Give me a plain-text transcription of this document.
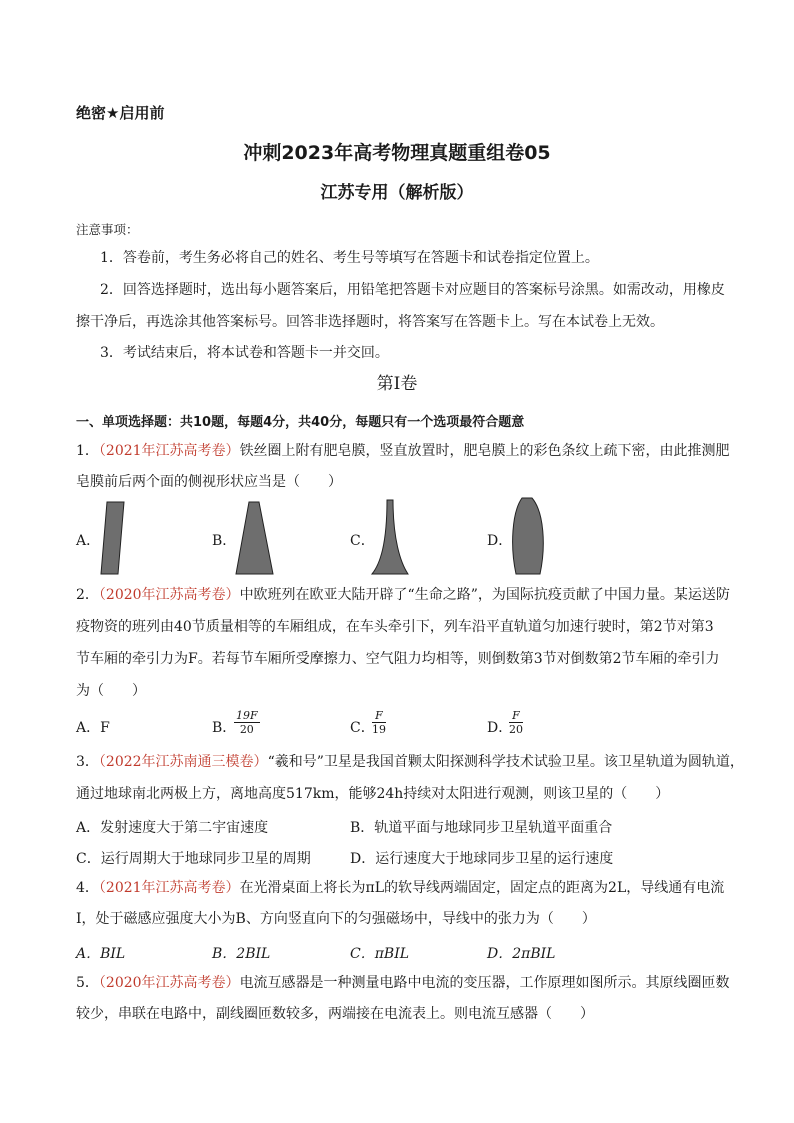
绝密★启用前
冲刺2023年高考物理真题重组卷05
江苏专用（解析版）
注意事项：
1．答卷前，考生务必将自己的姓名、考生号等填写在答题卡和试卷指定位置上。
2．回答选择题时，选出每小题答案后，用铅笔把答题卡对应题目的答案标号涂黑。如需改动，用橡皮
擦干净后，再选涂其他答案标号。回答非选择题时，将答案写在答题卡上。写在本试卷上无效。
3．考试结束后，将本试卷和答题卡一并交回。
第Ⅰ卷
一、单项选择题：共10题，每题4分，共40分，每题只有一个选项最符合题意
1．（2021年江苏高考卷）铁丝圈上附有肥皂膜，竖直放置时，肥皂膜上的彩色条纹上疏下密，由此推测肥
皂膜前后两个面的侧视形状应当是（　　）
A．	B．	C．	D．
2．（2020年江苏高考卷）中欧班列在欧亚大陆开辟了“生命之路”，为国际抗疫贡献了中国力量。某运送防
疫物资的班列由40节质量相等的车厢组成，在车头牵引下，列车沿平直轨道匀加速行驶时，第2节对第3
节车厢的牵引力为F。若每节车厢所受摩擦力、空气阻力均相等，则倒数第3节对倒数第2节车厢的牵引力
为（　　）
A．F	B．
$\frac{19F}{20}$	C．
$\frac{F}{19}$	D．
$\frac{F}{20}$
3．（2022年江苏南通三模卷）“羲和号”卫星是我国首颗太阳探测科学技术试验卫星。该卫星轨道为圆轨道，
通过地球南北两极上方，离地高度517km，能够24h持续对太阳进行观测，则该卫星的（　　）
A．发射速度大于第二宇宙速度	B．轨道平面与地球同步卫星轨道平面重合
C．运行周期大于地球同步卫星的周期	D．运行速度大于地球同步卫星的运行速度
4．（2021年江苏高考卷）在光滑桌面上将长为πL的软导线两端固定，固定点的距离为2L，导线通有电流
I，处于磁感应强度大小为B、方向竖直向下的匀强磁场中，导线中的张力为（　　）
A．BIL	B．2BIL	C．πBIL	D．2πBIL
5．（2020年江苏高考卷）电流互感器是一种测量电路中电流的变压器，工作原理如图所示。其原线圈匝数
较少，串联在电路中，副线圈匝数较多，两端接在电流表上。则电流互感器（　　）
